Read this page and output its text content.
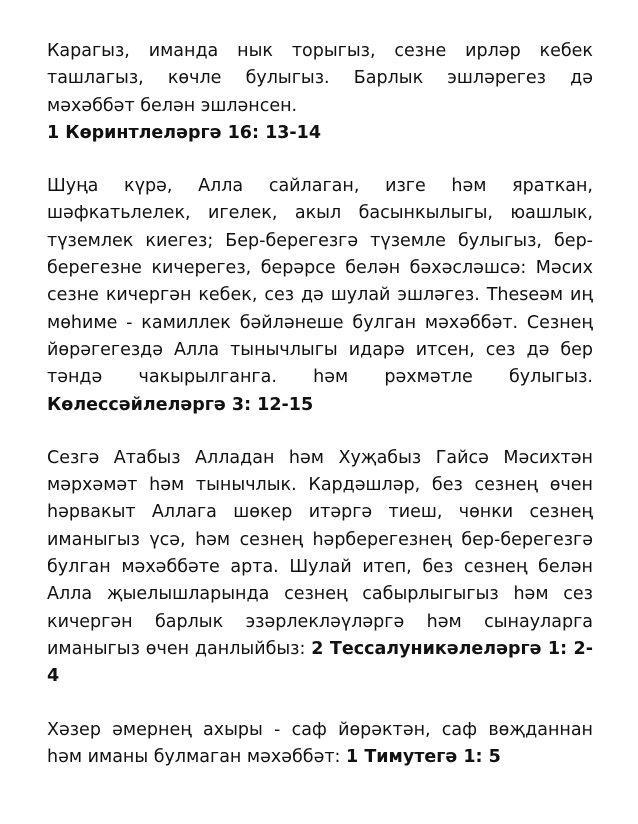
Карагыз, иманда нык торыгыз, сезне ирләр кебек ташлагыз, көчле булыгыз. Барлык эшләрегез дә мәхәббәт белән эшләнсен.
1 Көринтлеләргә 16: 13-14

Шуңа күрә, Алла сайлаган, изге һәм яраткан, шәфкатьлелек, игелек, акыл басынкылыгы, юашлык, түземлек киегез; Бер-берегезгә түземле булыгыз, бер-берегезне кичерегез, берәрсе белән бәхәсләшсә: Мәсих сезне кичергән кебек, сез дә шулай эшләгез. Theseәм иң мөһиме - камиллек бәйләнеше булган мәхәббәт. Сезнең йөрәгегездә Алла тынычлыгы идарә итсен, сез дә бер тәндә чакырылганга. һәм рәхмәтле булыгыз. Көлессәйлеләргә 3: 12-15

Сезгә Атабыз Алладан һәм Хуҗабыз Гайсә Мәсихтән мәрхәмәт һәм тынычлык. Кардәшләр, без сезнең өчен һәрвакыт Аллага шөкер итәргә тиеш, чөнки сезнең иманыгыз үсә, һәм сезнең һәрберегезнең бер-берегезгә булган мәхәббәте арта. Шулай итеп, без сезнең белән Алла җыелышларында сезнең сабырлыгыгыз һәм сез кичергән барлык эзәрлекләүләргә һәм сынауларга иманыгыз өчен данлыйбыз: 2 Тессалуникәлеләргә 1: 2-4

Хәзер әмернең ахыры - саф йөрәктән, саф вөҗданнан һәм иманы булмаган мәхәббәт: 1 Тимутегә 1: 5
